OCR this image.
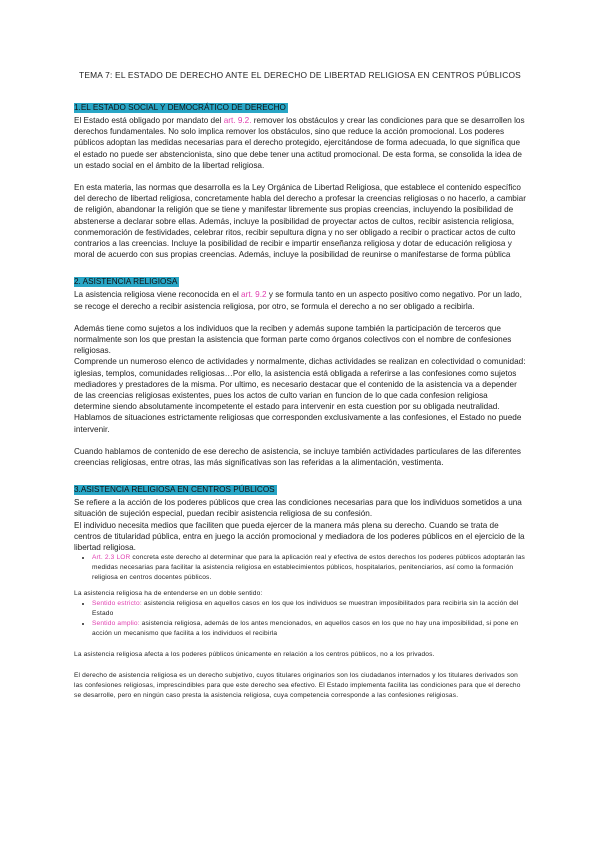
TEMA 7: EL ESTADO DE DERECHO ANTE EL DERECHO DE LIBERTAD RELIGIOSA EN CENTROS PÚBLICOS
1.EL ESTADO SOCIAL Y DEMOCRÁTICO DE DERECHO

El Estado está obligado por mandato del art. 9.2. remover los obstáculos y crear las condiciones para que se desarrollen los derechos fundamentales. No solo implica remover los obstáculos, sino que reduce la acción promocional. Los poderes públicos adoptan las medidas necesarias para el derecho protegido, ejercitándose de forma adecuada, lo que significa que el estado no puede ser abstencionista, sino que debe tener una actitud promocional. De esta forma, se consolida la idea de un estado social en el ámbito de la libertad religiosa.

En esta materia, las normas que desarrolla es la Ley Orgánica de Libertad Religiosa, que establece el contenido específico del derecho de libertad religiosa, concretamente habla del derecho a profesar la creencias religiosas o no hacerlo, a cambiar de religión, abandonar la religión que se tiene y manifestar libremente sus propias creencias, incluyendo la posibilidad de abstenerse a declarar sobre ellas. Además, incluye la posibilidad de proyectar actos de cultos, recibir asistencia religiosa, conmemoración de festividades, celebrar ritos, recibir sepultura digna y no ser obligado a recibir o practicar actos de culto contrarios a las creencias. Incluye la posibilidad de recibir e impartir enseñanza religiosa y dotar de educación religiosa y moral de acuerdo con sus propias creencias. Además, incluye la posibilidad de reunirse o manifestarse de forma pública

2. ASISTENCIA RELIGIOSA

La asistencia religiosa viene reconocida en el art. 9.2 y se formula tanto en un aspecto positivo como negativo. Por un lado, se recoge el derecho a recibir asistencia religiosa, por otro, se formula el derecho a no ser obligado a recibirla.

Además tiene como sujetos a los individuos que la reciben y además supone también la participación de terceros que normalmente son los que prestan la asistencia que forman parte como órganos colectivos con el nombre de confesiones religiosas.

Comprende un numeroso elenco de actividades y normalmente, dichas actividades se realizan en colectividad o comunidad: iglesias, templos, comunidades religiosas…Por ello, la asistencia está obligada a referirse a las confesiones como sujetos mediadores y prestadores de la misma. Por ultimo, es necesario destacar que el contenido de la asistencia va a depender de las creencias religiosas existentes, pues los actos de culto varian en funcion de lo que cada confesion religiosa determine siendo absolutamente incompetente el estado para intervenir en esta cuestion por su obligada neutralidad. Hablamos de situaciones estrictamente religiosas que corresponden exclusivamente a las confesiones, el Estado no puede intervenir.

Cuando hablamos de contenido de ese derecho de asistencia, se incluye también actividades particulares de las diferentes creencias religiosas, entre otras, las más significativas son las referidas a la alimentación, vestimenta.

3.ASISTENCIA RELIGIOSA EN CENTROS PÚBLICOS

Se refiere a la acción de los poderes públicos que crea las condiciones necesarias para que los individuos sometidos a una situación de sujeción especial, puedan recibir asistencia religiosa de su confesión.

El individuo necesita medios que faciliten que pueda ejercer de la manera más plena su derecho. Cuando se trata de centros de titularidad pública, entra en juego la acción promocional y mediadora de los poderes públicos en el ejercicio de la libertad religiosa.

• Art. 2.3 LOR concreta este derecho al determinar que para la aplicación real y efectiva de estos derechos los poderes públicos adoptarán las medidas necesarias para facilitar la asistencia religiosa en establecimientos públicos, hospitalarios, penitenciarios, así como la formación religiosa en centros docentes públicos.

La asistencia religiosa ha de entenderse en un doble sentido:

• Sentido estricto: asistencia religiosa en aquellos casos en los que los individuos se muestran imposibilitados para recibirla sin la acción del Estado
• Sentido amplio: asistencia religiosa, además de los antes mencionados, en aquellos casos en los que no hay una imposibilidad, si pone en acción un mecanismo que facilita a los individuos el recibirla

La asistencia religiosa afecta a los poderes públicos únicamente en relación a los centros públicos, no a los privados.

El derecho de asistencia religiosa es un derecho subjetivo, cuyos titulares originarios son los ciudadanos internados y los titulares derivados son las confesiones religiosas, imprescindibles para que este derecho sea efectivo. El Estado implementa facilita las condiciones para que el derecho se desarrolle, pero en ningún caso presta la asistencia religiosa, cuya competencia corresponde a las confesiones religiosas.
